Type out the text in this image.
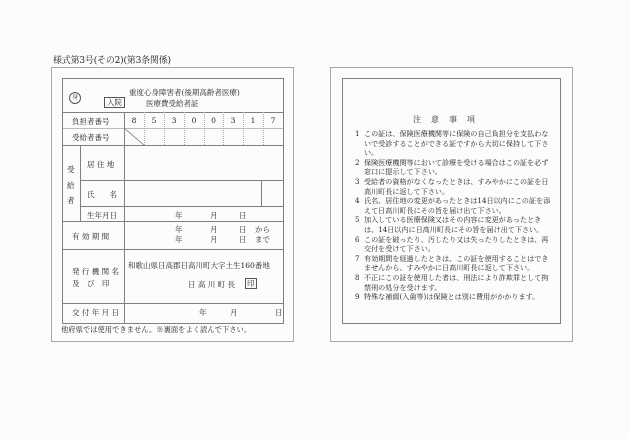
様式第3号(その2)(第3条関係)
身
入院
重度心身障害者(後期高齢者医療)
医療費受給者証
負担者番号	8	5	3	0	0	3	1	7
受給者番号
受
給
者
居 住 地
氏　　名
生年月日	年	月	日
有 効 期 間
年	月	日 から
年	月	日 まで
発 行 機 関 名
及　び　印
和歌山県日高郡日高川町大字土生160番地
日 高 川 町 長 印
交 付 年 月 日	年	月	日
他府県では使用できません。※裏面をよく読んで下さい。
注　意　事　項
1 この証は、保険医療機関等に保険の自己負担分を支払わないで受診することができる証ですから大切に保持して下さい。
2 保険医療機関等において診療を受ける場合はこの証を必ず窓口に提示して下さい。
3 受給者の資格がなくなったときは、すみやかにこの証を日高川町長に返して下さい。
4 氏名、居住地の変更があったときは14日以内にこの証を添えて日高川町長にその旨を届け出て下さい。
5 加入している医療保険又はその内容に変更があったときは、14日以内に日高川町長にその旨を届け出て下さい。
6 この証を破ったり、汚したり又は失ったりしたときは、再交付を受けて下さい。
7 有効期間を経過したときは、この証を使用することはできませんから、すみやかに日高川町長に返して下さい。
8 不正にこの証を使用した者は、刑法により詐欺罪として拘禁刑の処分を受けます。
9 特殊な補綴(入歯等)は保険とは別に費用がかかります。
